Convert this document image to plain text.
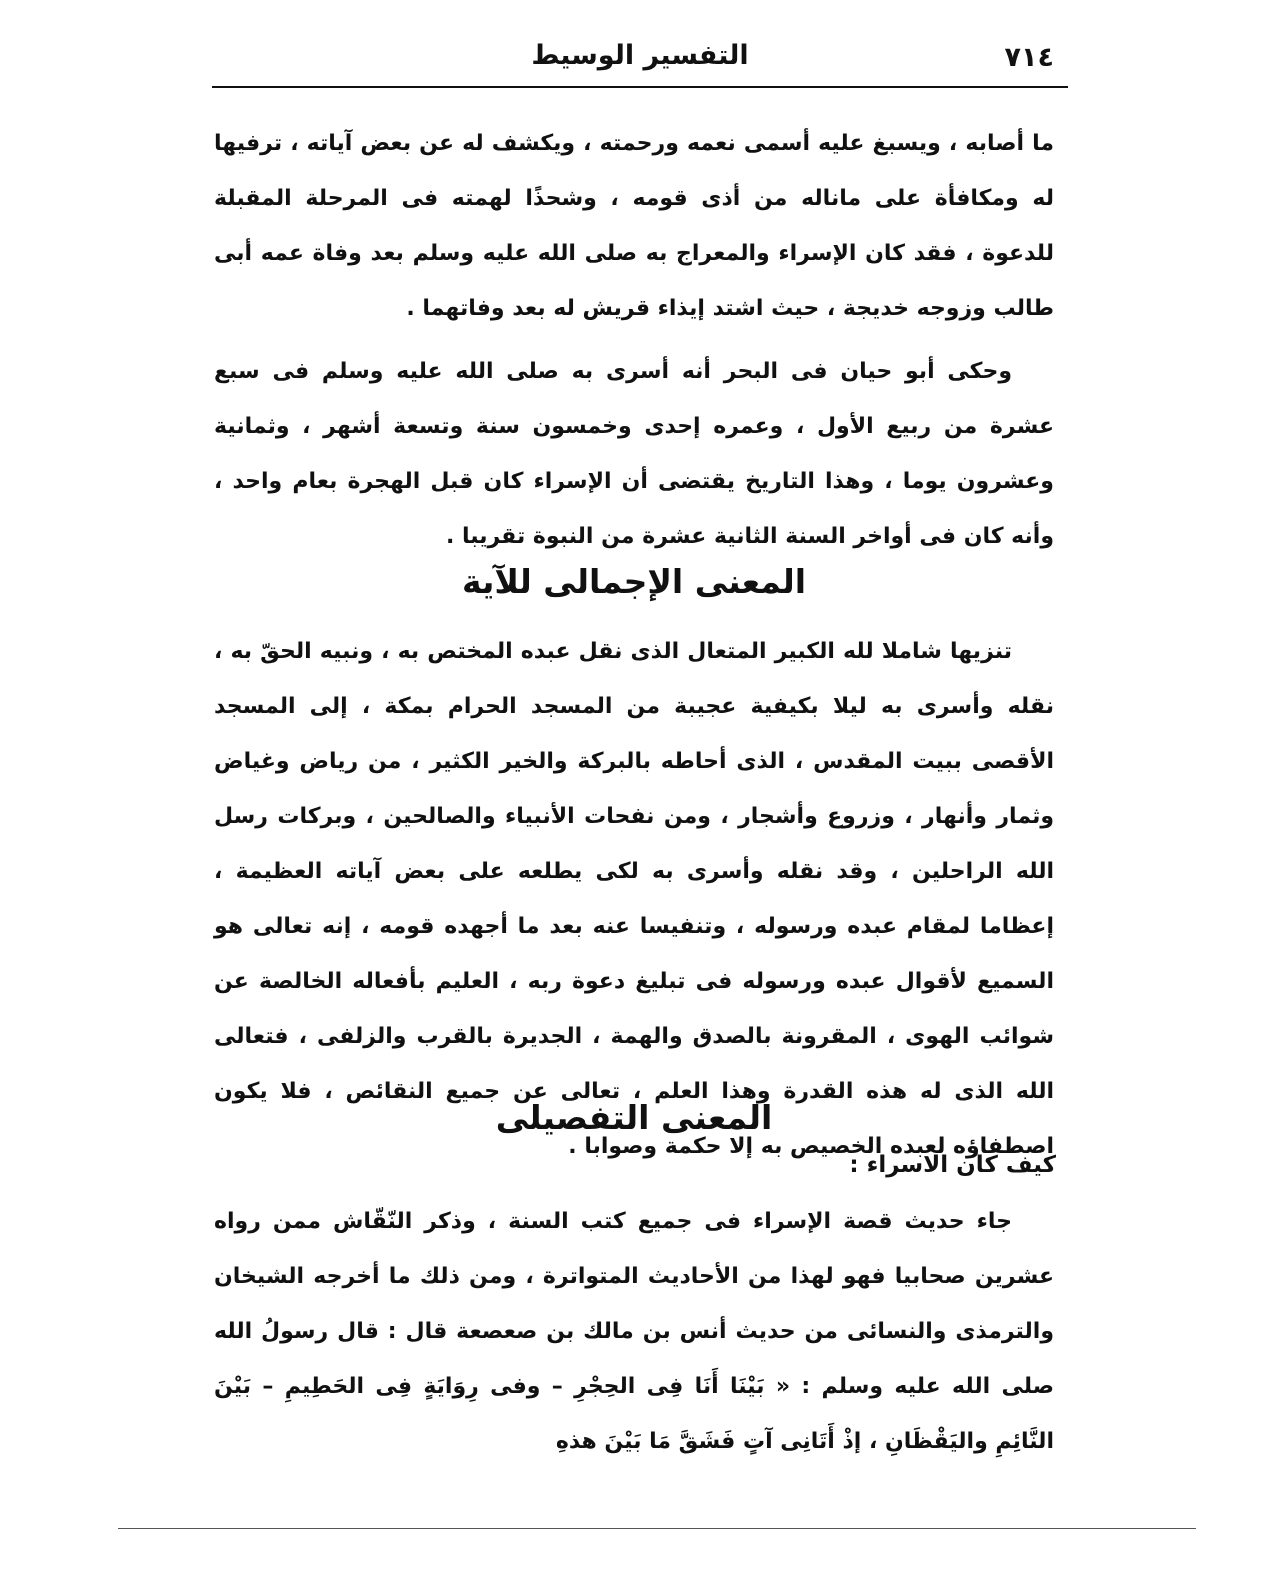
٧١٤
التفسير الوسيط

ما أصابه ، ويسبغ عليه أسمى نعمه ورحمته ، ويكشف له عن بعض آياته ، ترفيها له ومكافأة على ماناله من أذى قومه ، وشحذًا لهمته فى المرحلة المقبلة للدعوة ، فقد كان الإسراء والمعراج به صلى الله عليه وسلم بعد وفاة عمه أبى طالب وزوجه خديجة ، حيث اشتد إيذاء قريش له بعد وفاتهما .

وحكى أبو حيان فى البحر أنه أسرى به صلى الله عليه وسلم فى سبع عشرة من ربيع الأول ، وعمره إحدى وخمسون سنة وتسعة أشهر ، وثمانية وعشرون يوما ، وهذا التاريخ يقتضى أن الإسراء كان قبل الهجرة بعام واحد ، وأنه كان فى أواخر السنة الثانية عشرة من النبوة تقريبا .

المعنى الإجمالى للآية

تنزيها شاملا لله الكبير المتعال الذى نقل عبده المختص به ، ونبيه الحقّ به ، نقله وأسرى به ليلا بكيفية عجيبة من المسجد الحرام بمكة ، إلى المسجد الأقصى ببيت المقدس ، الذى أحاطه بالبركة والخير الكثير ، من رياض وغياض وثمار وأنهار ، وزروع وأشجار ، ومن نفحات الأنبياء والصالحين ، وبركات رسل الله الراحلين ، وقد نقله وأسرى به لكى يطلعه على بعض آياته العظيمة ، إعظاما لمقام عبده ورسوله ، وتنفيسا عنه بعد ما أجهده قومه ، إنه تعالى هو السميع لأقوال عبده ورسوله فى تبليغ دعوة ربه ، العليم بأفعاله الخالصة عن شوائب الهوى ، المقرونة بالصدق والهمة ، الجديرة بالقرب والزلفى ، فتعالى الله الذى له هذه القدرة وهذا العلم ، تعالى عن جميع النقائص ، فلا يكون اصطفاؤه لعبده الخصيص به إلا حكمة وصوابا .

المعنى التفصيلى
كيف كان الاسراء :

جاء حديث قصة الإسراء فى جميع كتب السنة ، وذكر النّقّاش ممن رواه عشرين صحابيا فهو لهذا من الأحاديث المتواترة ، ومن ذلك ما أخرجه الشيخان والترمذى والنسائى من حديث أنس بن مالك بن صعصعة قال : قال رسولُ الله صلى الله عليه وسلم : « بَيْنَا أَنَا فِى الحِجْرِ – وفى رِوَايَةٍ فِى الحَطِيمِ – بَيْنَ النَّائِمِ واليَقْظَانِ ، إذْ أَتَانِى آتٍ فَشَقَّ مَا بَيْنَ هذهِ
